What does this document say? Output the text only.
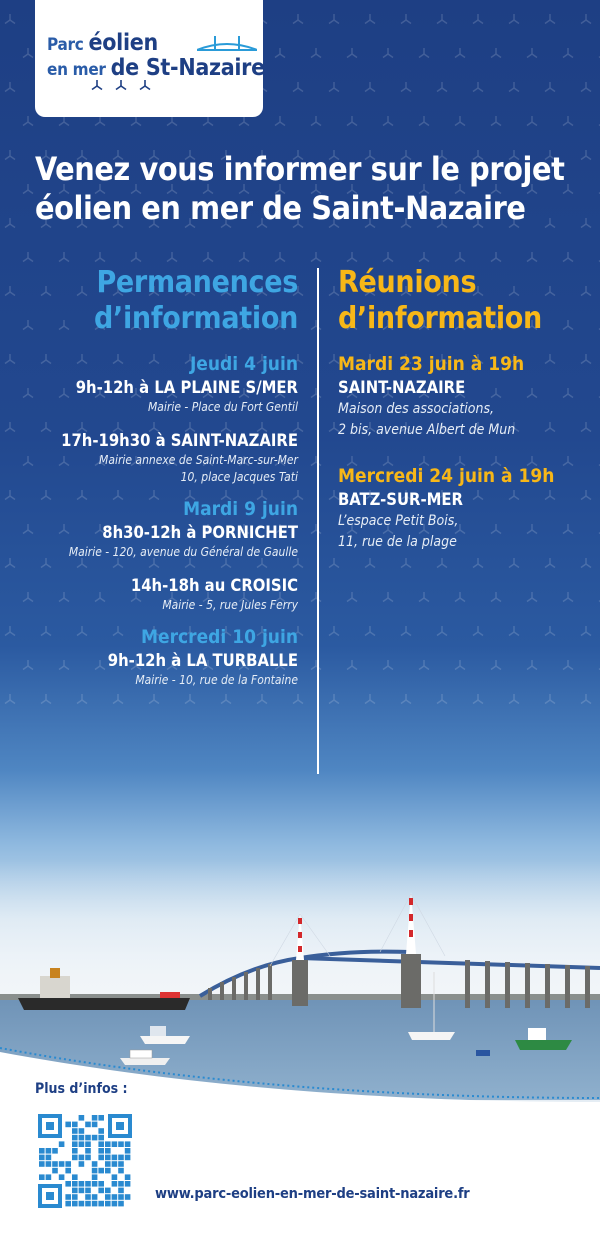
Parc éolien
en mer de St-Nazaire
Venez vous informer sur le projet
éolien en mer de Saint-Nazaire
Permanences
d’information
Jeudi 4 juin
9h-12h à LA PLAINE S/MER
Mairie - Place du Fort Gentil
17h-19h30 à SAINT-NAZAIRE
Mairie annexe de Saint-Marc-sur-Mer
10, place Jacques Tati
Mardi 9 juin
8h30-12h à PORNICHET
Mairie - 120, avenue du Général de Gaulle
14h-18h au CROISIC
Mairie - 5, rue Jules Ferry
Mercredi 10 juin
9h-12h à LA TURBALLE
Mairie - 10, rue de la Fontaine
Réunions
d’information
Mardi 23 juin à 19h
SAINT-NAZAIRE
Maison des associations,
2 bis, avenue Albert de Mun
Mercredi 24 juin à 19h
BATZ-SUR-MER
L’espace Petit Bois,
11, rue de la plage
Plus d’infos :
www.parc-eolien-en-mer-de-saint-nazaire.fr
